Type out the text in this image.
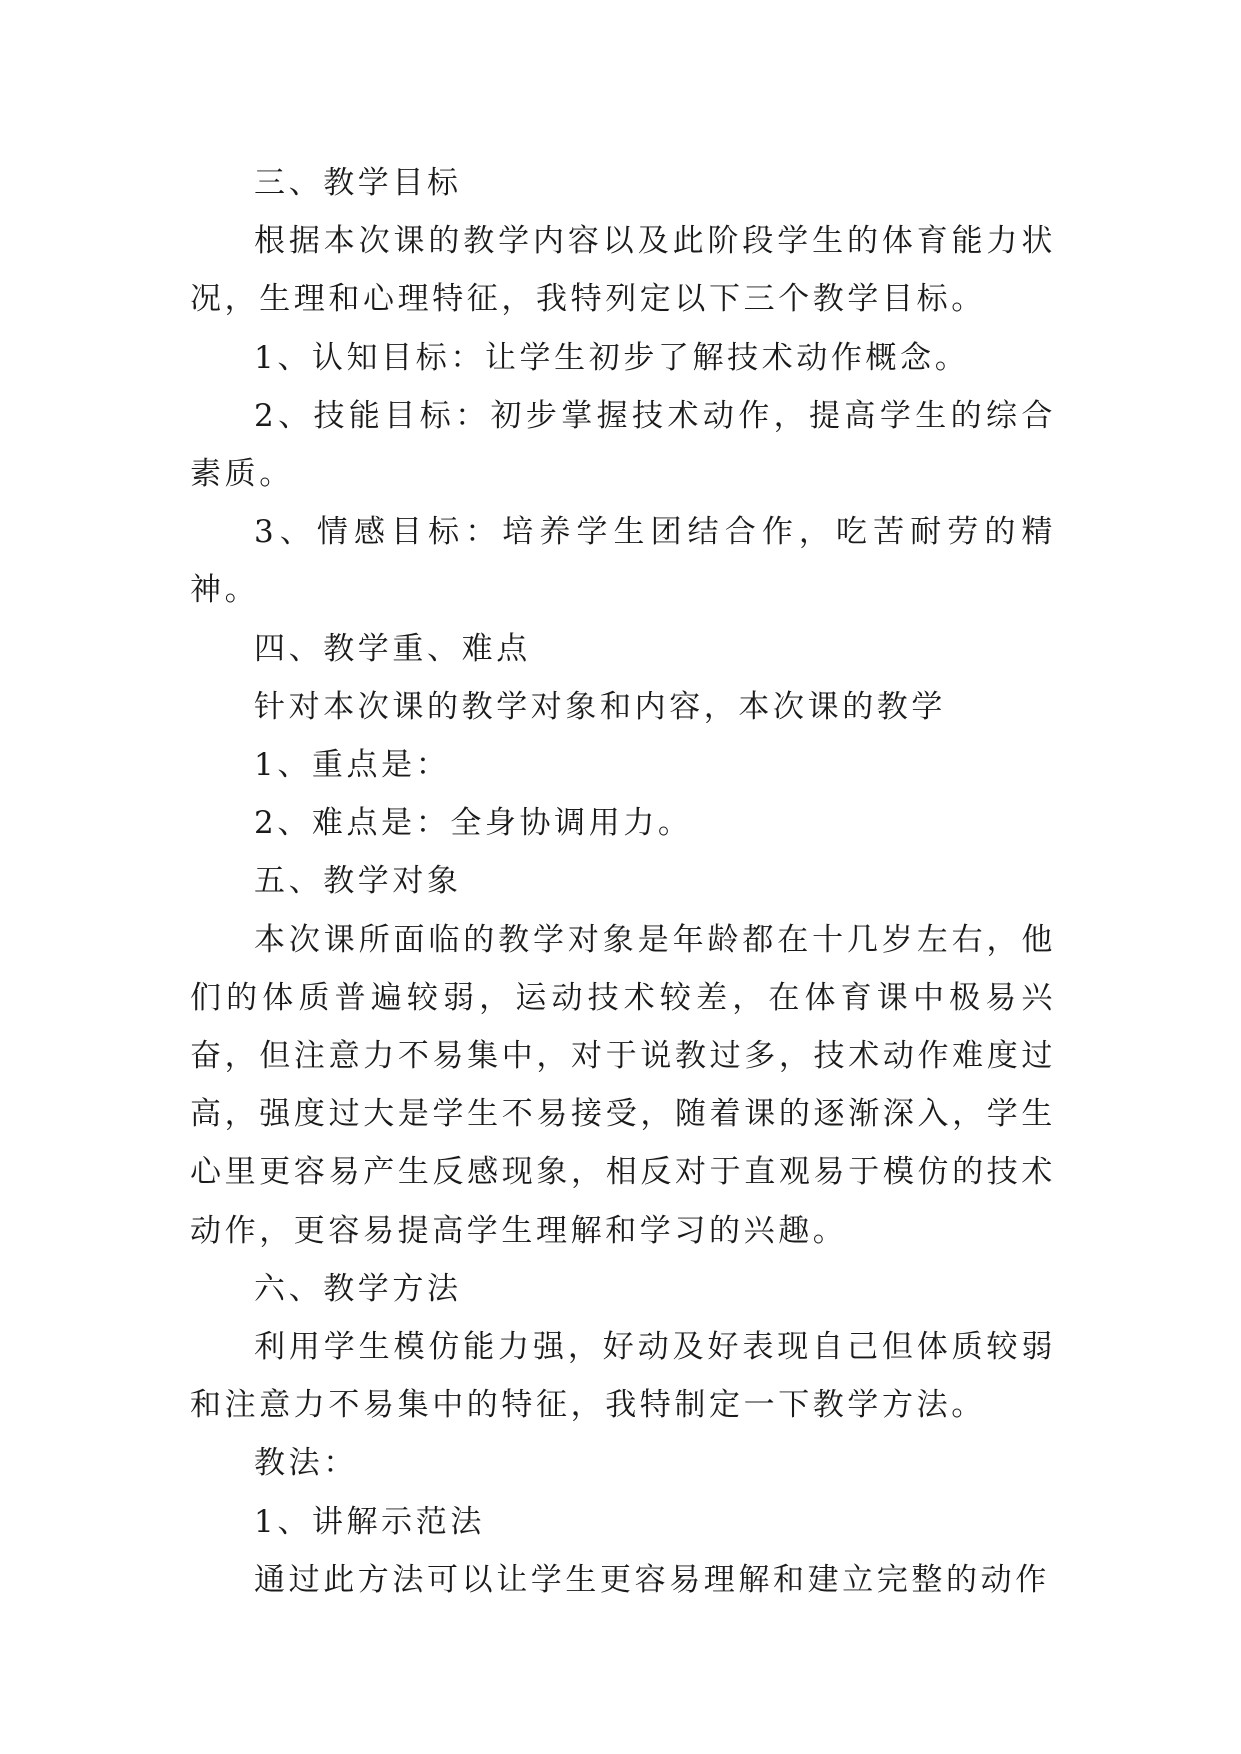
三、教学目标

根据本次课的教学内容以及此阶段学生的体育能力状况，生理和心理特征，我特列定以下三个教学目标。

1、认知目标：让学生初步了解技术动作概念。

2、技能目标：初步掌握技术动作，提高学生的综合素质。

3、情感目标：培养学生团结合作，吃苦耐劳的精神。

四、教学重、难点

针对本次课的教学对象和内容，本次课的教学

1、重点是：

2、难点是：全身协调用力。

五、教学对象

本次课所面临的教学对象是年龄都在十几岁左右，他们的体质普遍较弱，运动技术较差，在体育课中极易兴奋，但注意力不易集中，对于说教过多，技术动作难度过高，强度过大是学生不易接受，随着课的逐渐深入，学生心里更容易产生反感现象，相反对于直观易于模仿的技术动作，更容易提高学生理解和学习的兴趣。

六、教学方法

利用学生模仿能力强，好动及好表现自己但体质较弱和注意力不易集中的特征，我特制定一下教学方法。

教法：

1、讲解示范法

通过此方法可以让学生更容易理解和建立完整的动作
